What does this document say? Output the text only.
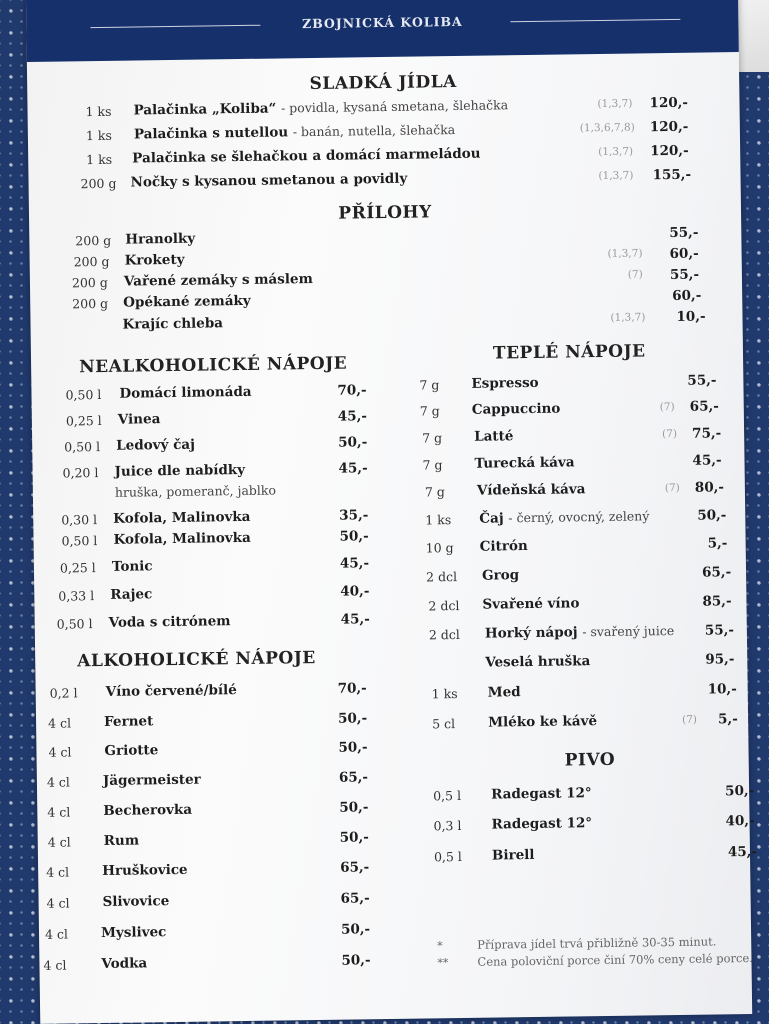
ZBOJNICKÁ KOLIBA
SLADKÁ JÍDLA
1 ks Palačinka „Koliba“ - povidla, kysaná smetana, šlehačka	(1,3,7) 120,-
1 ks Palačinka s nutellou - banán, nutella, šlehačka	(1,3,6,7,8) 120,-
1 ks Palačinka se šlehačkou a domácí marmeládou	(1,3,7) 120,-
200 g Nočky s kysanou smetanou a povidly	(1,3,7) 155,-
PŘÍLOHY
200 g Hranolky	55,-
200 g Krokety	(1,3,7) 60,-
200 g Vařené zemáky s máslem	(7) 55,-
200 g Opékané zemáky	60,-
Krajíc chleba	(1,3,7) 10,-
NEALKOHOLICKÉ NÁPOJE
0,50 l Domácí limonáda	70,-
0,25 l Vinea	45,-
0,50 l Ledový čaj	50,-
0,20 l Juice dle nabídky	45,-
hruška, pomeranč, jablko
0,30 l Kofola, Malinovka	35,-
0,50 l Kofola, Malinovka	50,-
0,25 l Tonic	45,-
0,33 l Rajec	40,-
0,50 l Voda s citrónem	45,-
ALKOHOLICKÉ NÁPOJE
0,2 l Víno červené/bílé	70,-
4 cl Fernet	50,-
4 cl Griotte	50,-
4 cl Jägermeister	65,-
4 cl Becherovka	50,-
4 cl Rum	50,-
4 cl Hruškovice	65,-
4 cl Slivovice	65,-
4 cl Myslivec	50,-
4 cl	Vodka	50,-
TEPLÉ NÁPOJE
7 g Espresso	55,-
7 g Cappuccino	(7) 65,-
7 g Latté	(7) 75,-
7 g Turecká káva	45,-
7 g Vídeňská káva	(7) 80,-
1 ks Čaj - černý, ovocný, zelený	50,-
10 g Citrón	5,-
2 dcl Grog	65,-
2 dcl Svařené víno	85,-
2 dcl Horký nápoj - svařený juice 55,-
Veselá hruška	95,-
1 ks Med	10,-
5 cl Mléko ke kávě	(7) 5,-
PIVO
0,5 l Radegast 12°	50,-
0,3 l Radegast 12°	40,-
0,5 l Birell	45,-
*	Příprava jídel trvá přibližně 30-35 minut.
**	Cena poloviční porce činí 70% ceny celé porce.
